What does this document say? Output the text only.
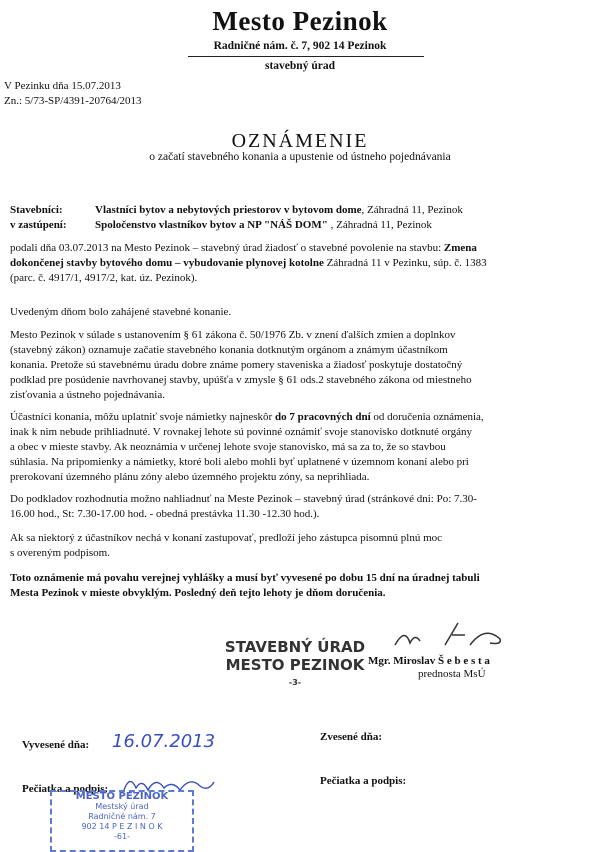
Mesto Pezinok
Radničné nám. č. 7, 902 14 Pezinok
stavebný úrad
V Pezinku dňa 15.07.2013
Zn.: 5/73-SP/4391-20764/2013
OZNÁMENIE
o začatí stavebného konania a upustenie od ústneho pojednávania
Stavebníci:	Vlastníci bytov a nebytových priestorov v bytovom dome, Záhradná 11, Pezinok
v zastúpení:	Spoločenstvo vlastníkov bytov a NP "NÁŠ DOM" , Záhradná 11, Pezinok
podali dňa 03.07.2013 na Mesto Pezinok – stavebný úrad žiadosť o stavebné povolenie na stavbu: Zmena
dokončenej stavby bytového domu – vybudovanie plynovej kotolne Záhradná 11 v Pezinku, súp. č. 1383
(parc. č. 4917/1, 4917/2, kat. úz. Pezinok).
Uvedeným dňom bolo zahájené stavebné konanie.
Mesto Pezinok v súlade s ustanovením § 61 zákona č. 50/1976 Zb. v znení ďalších zmien a doplnkov
(stavebný zákon) oznamuje začatie stavebného konania dotknutým orgánom a známym účastníkom
konania. Pretože sú stavebnému úradu dobre známe pomery staveniska a žiadosť poskytuje dostatočný
podklad pre posúdenie navrhovanej stavby, upúšťa v zmysle § 61 ods.2 stavebného zákona od miestneho
zisťovania a ústneho pojednávania.
Účastníci konania, môžu uplatniť svoje námietky najneskôr do 7 pracovných dní od doručenia oznámenia,
inak k nim nebude prihliadnuté. V rovnakej lehote sú povinné oznámiť svoje stanovisko dotknuté orgány
a obec v mieste stavby. Ak neoznámia v určenej lehote svoje stanovisko, má sa za to, že so stavbou
súhlasia. Na pripomienky a námietky, ktoré boli alebo mohli byť uplatnené v územnom konaní alebo pri
prerokovaní územného plánu zóny alebo územného projektu zóny, sa neprihliada.
Do podkladov rozhodnutia možno nahliadnuť na Meste Pezinok – stavebný úrad (stránkové dni: Po: 7.30-
16.00 hod., St: 7.30-17.00 hod. - obedná prestávka 11.30 -12.30 hod.).
Ak sa niektorý z účastníkov nechá v konaní zastupovať, predloží jeho zástupca písomnú plnú moc
s overeným podpisom.
Toto oznámenie má povahu verejnej vyhlášky a musí byť vyvesené po dobu 15 dní na úradnej tabuli
Mesta Pezinok v mieste obvyklým. Posledný deň tejto lehoty je dňom doručenia.
STAVEBNÝ ÚRAD
MESTO PEZINOK
-3-
Mgr. Miroslav Š e b e s t a
prednosta MsÚ
Vyvesené dňa: 16.07.2013	Zvesené dňa:
Pečiatka a podpis:
Pečiatka a podpis:
MESTO PEZINOK
Mestský úrad
Radničné nám. 7
902 14 P E Z I N O K
-61-
